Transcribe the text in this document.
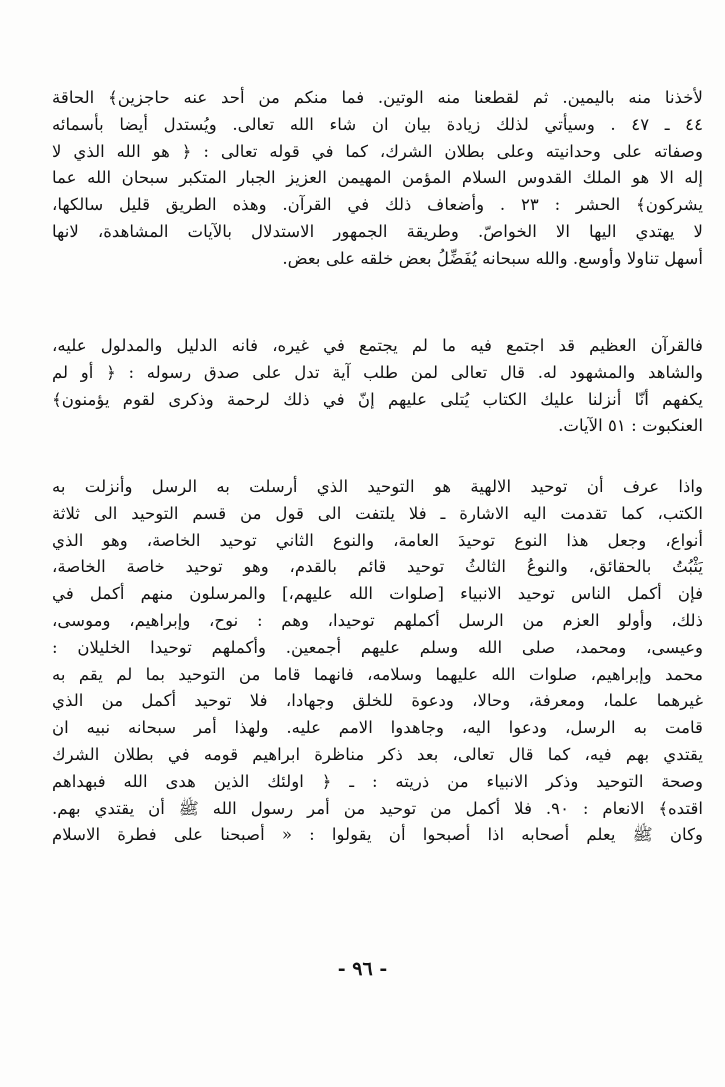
لأخذنا منه باليمين. ثم لقطعنا منه الوتين. فما منكم من أحد عنه حاجزين﴾ الحاقة
٤٤ ـ ٤٧ . وسيأتي لذلك زيادة بيان ان شاء الله تعالى. ويُستدل أيضا بأسمائه
وصفاته على وحدانيته وعلى بطلان الشرك، كما في قوله تعالى : ﴿ هو الله الذي لا
إله الا هو الملك القدوس السلام المؤمن المهيمن العزيز الجبار المتكبر سبحان الله عما
يشركون﴾ الحشر : ٢٣ . وأضعاف ذلك في القرآن. وهذه الطريق قليل سالكها،
لا يهتدي اليها الا الخواصّ. وطريقة الجمهور الاستدلال بالآيات المشاهدة، لانها
أسهل تناولا وأوسع. والله سبحانه يُفَضِّلُ بعض خلقه على بعض.
فالقرآن العظيم قد اجتمع فيه ما لم يجتمع في غيره، فانه الدليل والمدلول عليه،
والشاهد والمشهود له. قال تعالى لمن طلب آية تدل على صدق رسوله : ﴿ أو لم
يكفهم أنّا أنزلنا عليك الكتاب يُتلى عليهم إنّ في ذلك لرحمة وذكرى لقوم يؤمنون﴾
العنكبوت : ٥١ الآيات.
واذا عرف أن توحيد الالهية هو التوحيد الذي أرسلت به الرسل وأنزلت به
الكتب، كما تقدمت اليه الاشارة ـ فلا يلتفت الى قول من قسم التوحيد الى ثلاثة
أنواع، وجعل هذا النوع توحيدَ العامة، والنوع الثاني توحيد الخاصة، وهو الذي
يَثْبُتُ بالحقائق، والنوعُ الثالثُ توحيد قائم بالقدم، وهو توحيد خاصة الخاصة،
فإن أكمل الناس توحيد الانبياء [صلوات الله عليهم،] والمرسلون منهم أكمل في
ذلك، وأولو العزم من الرسل أكملهم توحيدا، وهم : نوح، وإبراهيم، وموسى،
وعيسى، ومحمد، صلى الله وسلم عليهم أجمعين. وأكملهم توحيدا الخليلان :
محمد وإبراهيم، صلوات الله عليهما وسلامه، فانهما قاما من التوحيد بما لم يقم به
غيرهما علما، ومعرفة، وحالا، ودعوة للخلق وجهادا، فلا توحيد أكمل من الذي
قامت به الرسل، ودعوا اليه، وجاهدوا الامم عليه. ولهذا أمر سبحانه نبيه ان
يقتدي بهم فيه، كما قال تعالى، بعد ذكر مناظرة ابراهيم قومه في بطلان الشرك
وصحة التوحيد وذكر الانبياء من ذريته : ـ ﴿ اولئك الذين هدى الله فبهداهم
اقتده﴾ الانعام : ٩٠. فلا أكمل من توحيد من أمر رسول الله ﷺ أن يقتدي بهم.
وكان ﷺ يعلم أصحابه اذا أصبحوا أن يقولوا : « أصبحنا على فطرة الاسلام
- ٩٦ -
